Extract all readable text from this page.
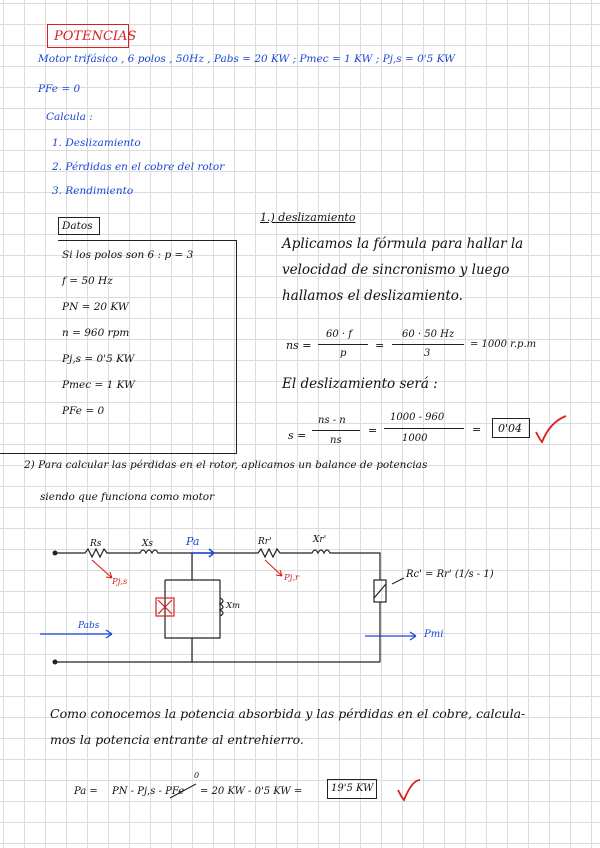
POTENCIAS
Motor trifásico , 6 polos , 50Hz , Pabs = 20 KW ; Pmec = 1 KW ; Pj,s = 0'5 KW
PFe = 0
Calcula :
1. Deslizamiento
2. Pérdidas en el cobre del rotor
3. Rendimiento
Datos
Si los polos son 6 : p = 3
f = 50 Hz
PN = 20 KW
n = 960 rpm
Pj,s = 0'5 KW
Pmec = 1 KW
PFe = 0
1.) deslizamiento
Aplicamos la fórmula para hallar la
velocidad de sincronismo y luego
hallamos el deslizamiento.
ns =
60 · f
p
=
60 · 50 Hz
3
= 1000 r.p.m
El deslizamiento será :
s =
ns - n
ns
=
1000 - 960
1000
= 0'04
2) Para calcular las pérdidas en el rotor, aplicamos un balance de potencias
siendo que funciona como motor
Rs	Xs	Pa	Rr'	Xr'
Pj,s	Pj,r
Xm
Rc' = Rr' (1/s - 1)
Pabs
Pmi
Como conocemos la potencia absorbida y las pérdidas en el cobre, calcula-
mos la potencia entrante al entrehierro.
Pa = PN - Pj,s - PFe
0
= 20 KW - 0'5 KW =	19'5 KW
